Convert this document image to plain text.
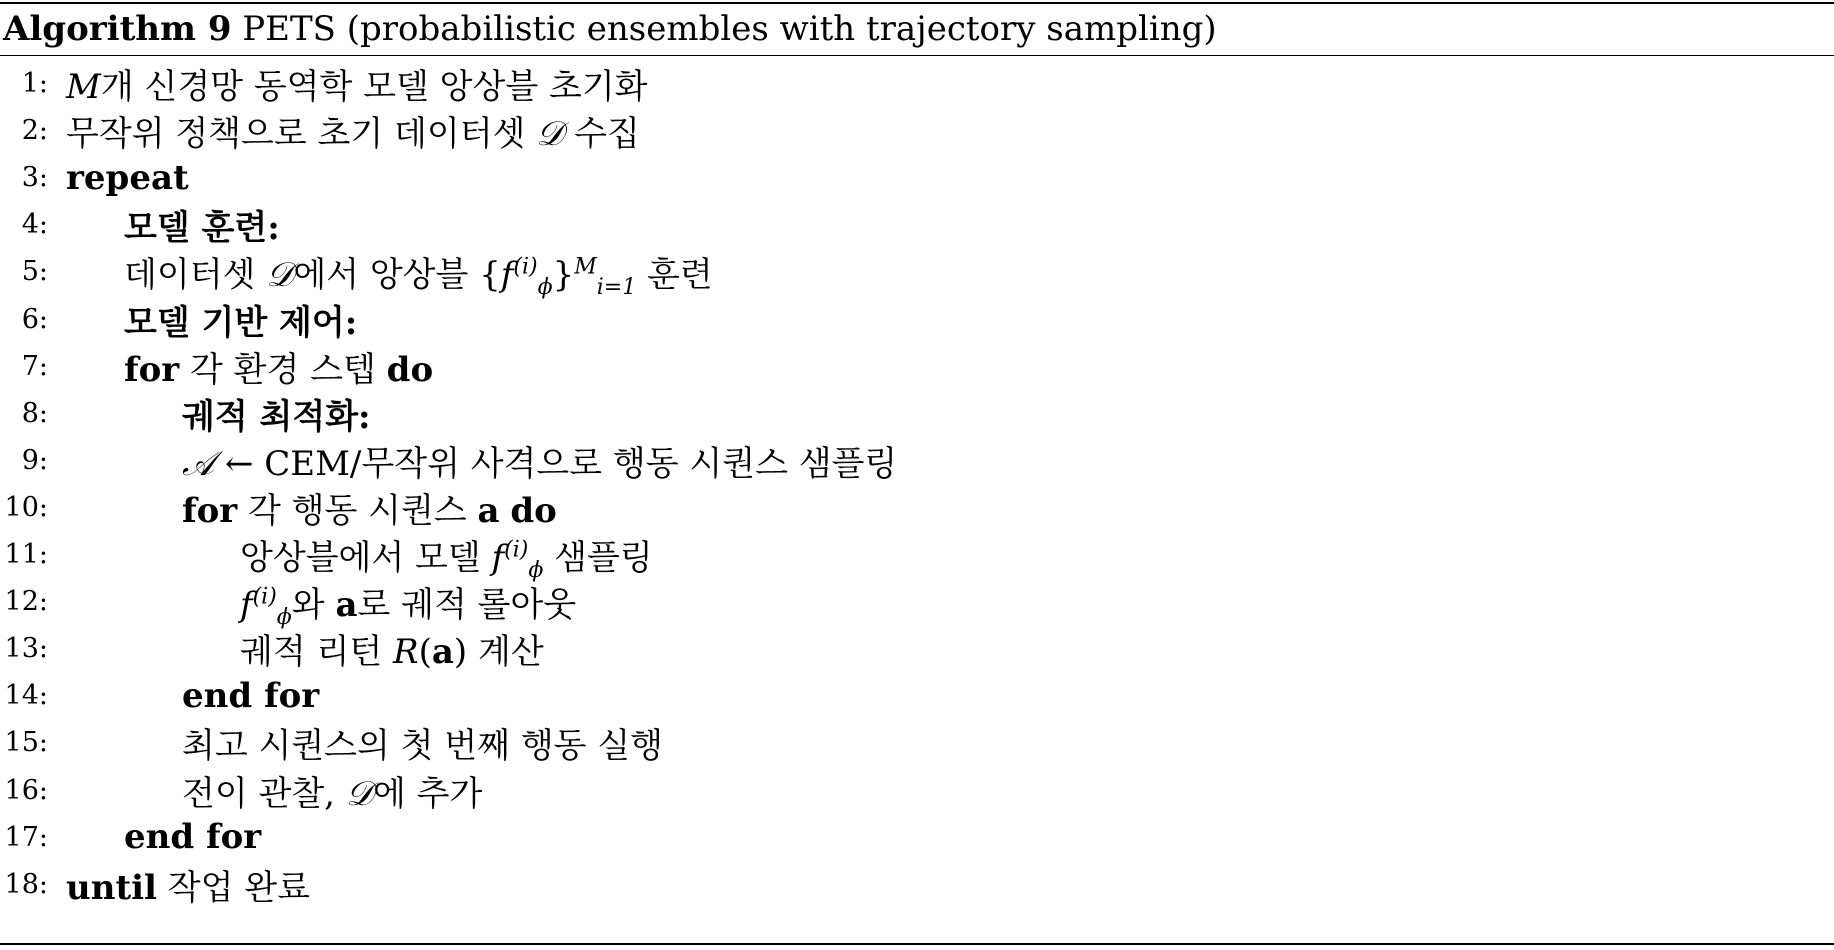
Algorithm 9 PETS (probabilistic ensembles with trajectory sampling)
1: M개 신경망 동역학 모델 앙상블 초기화
2: 무작위 정책으로 초기 데이터셋 𝒟 수집
3: repeat
4: 모델 훈련:
5: 데이터셋 𝒟에서 앙상블 $\{f^{(i)}_\phi\}^M_{i=1}$ 훈련
6: 모델 기반 제어:
7: for 각 환경 스텝 do
8:	궤적 최적화:
9:	𝒜 ← CEM/무작위 사격으로 행동 시퀀스 샘플링
10:	for 각 행동 시퀀스 a do
11:	앙상블에서 모델 $f^{(i)}_\phi$ 샘플링
12:	$f^{(i)}_\phi$와 a로 궤적 롤아웃
13:	궤적 리턴 R(a) 계산
14:	end for
15:	최고 시퀀스의 첫 번째 행동 실행
16:	전이 관찰, 𝒟에 추가
17: end for
18: until 작업 완료
